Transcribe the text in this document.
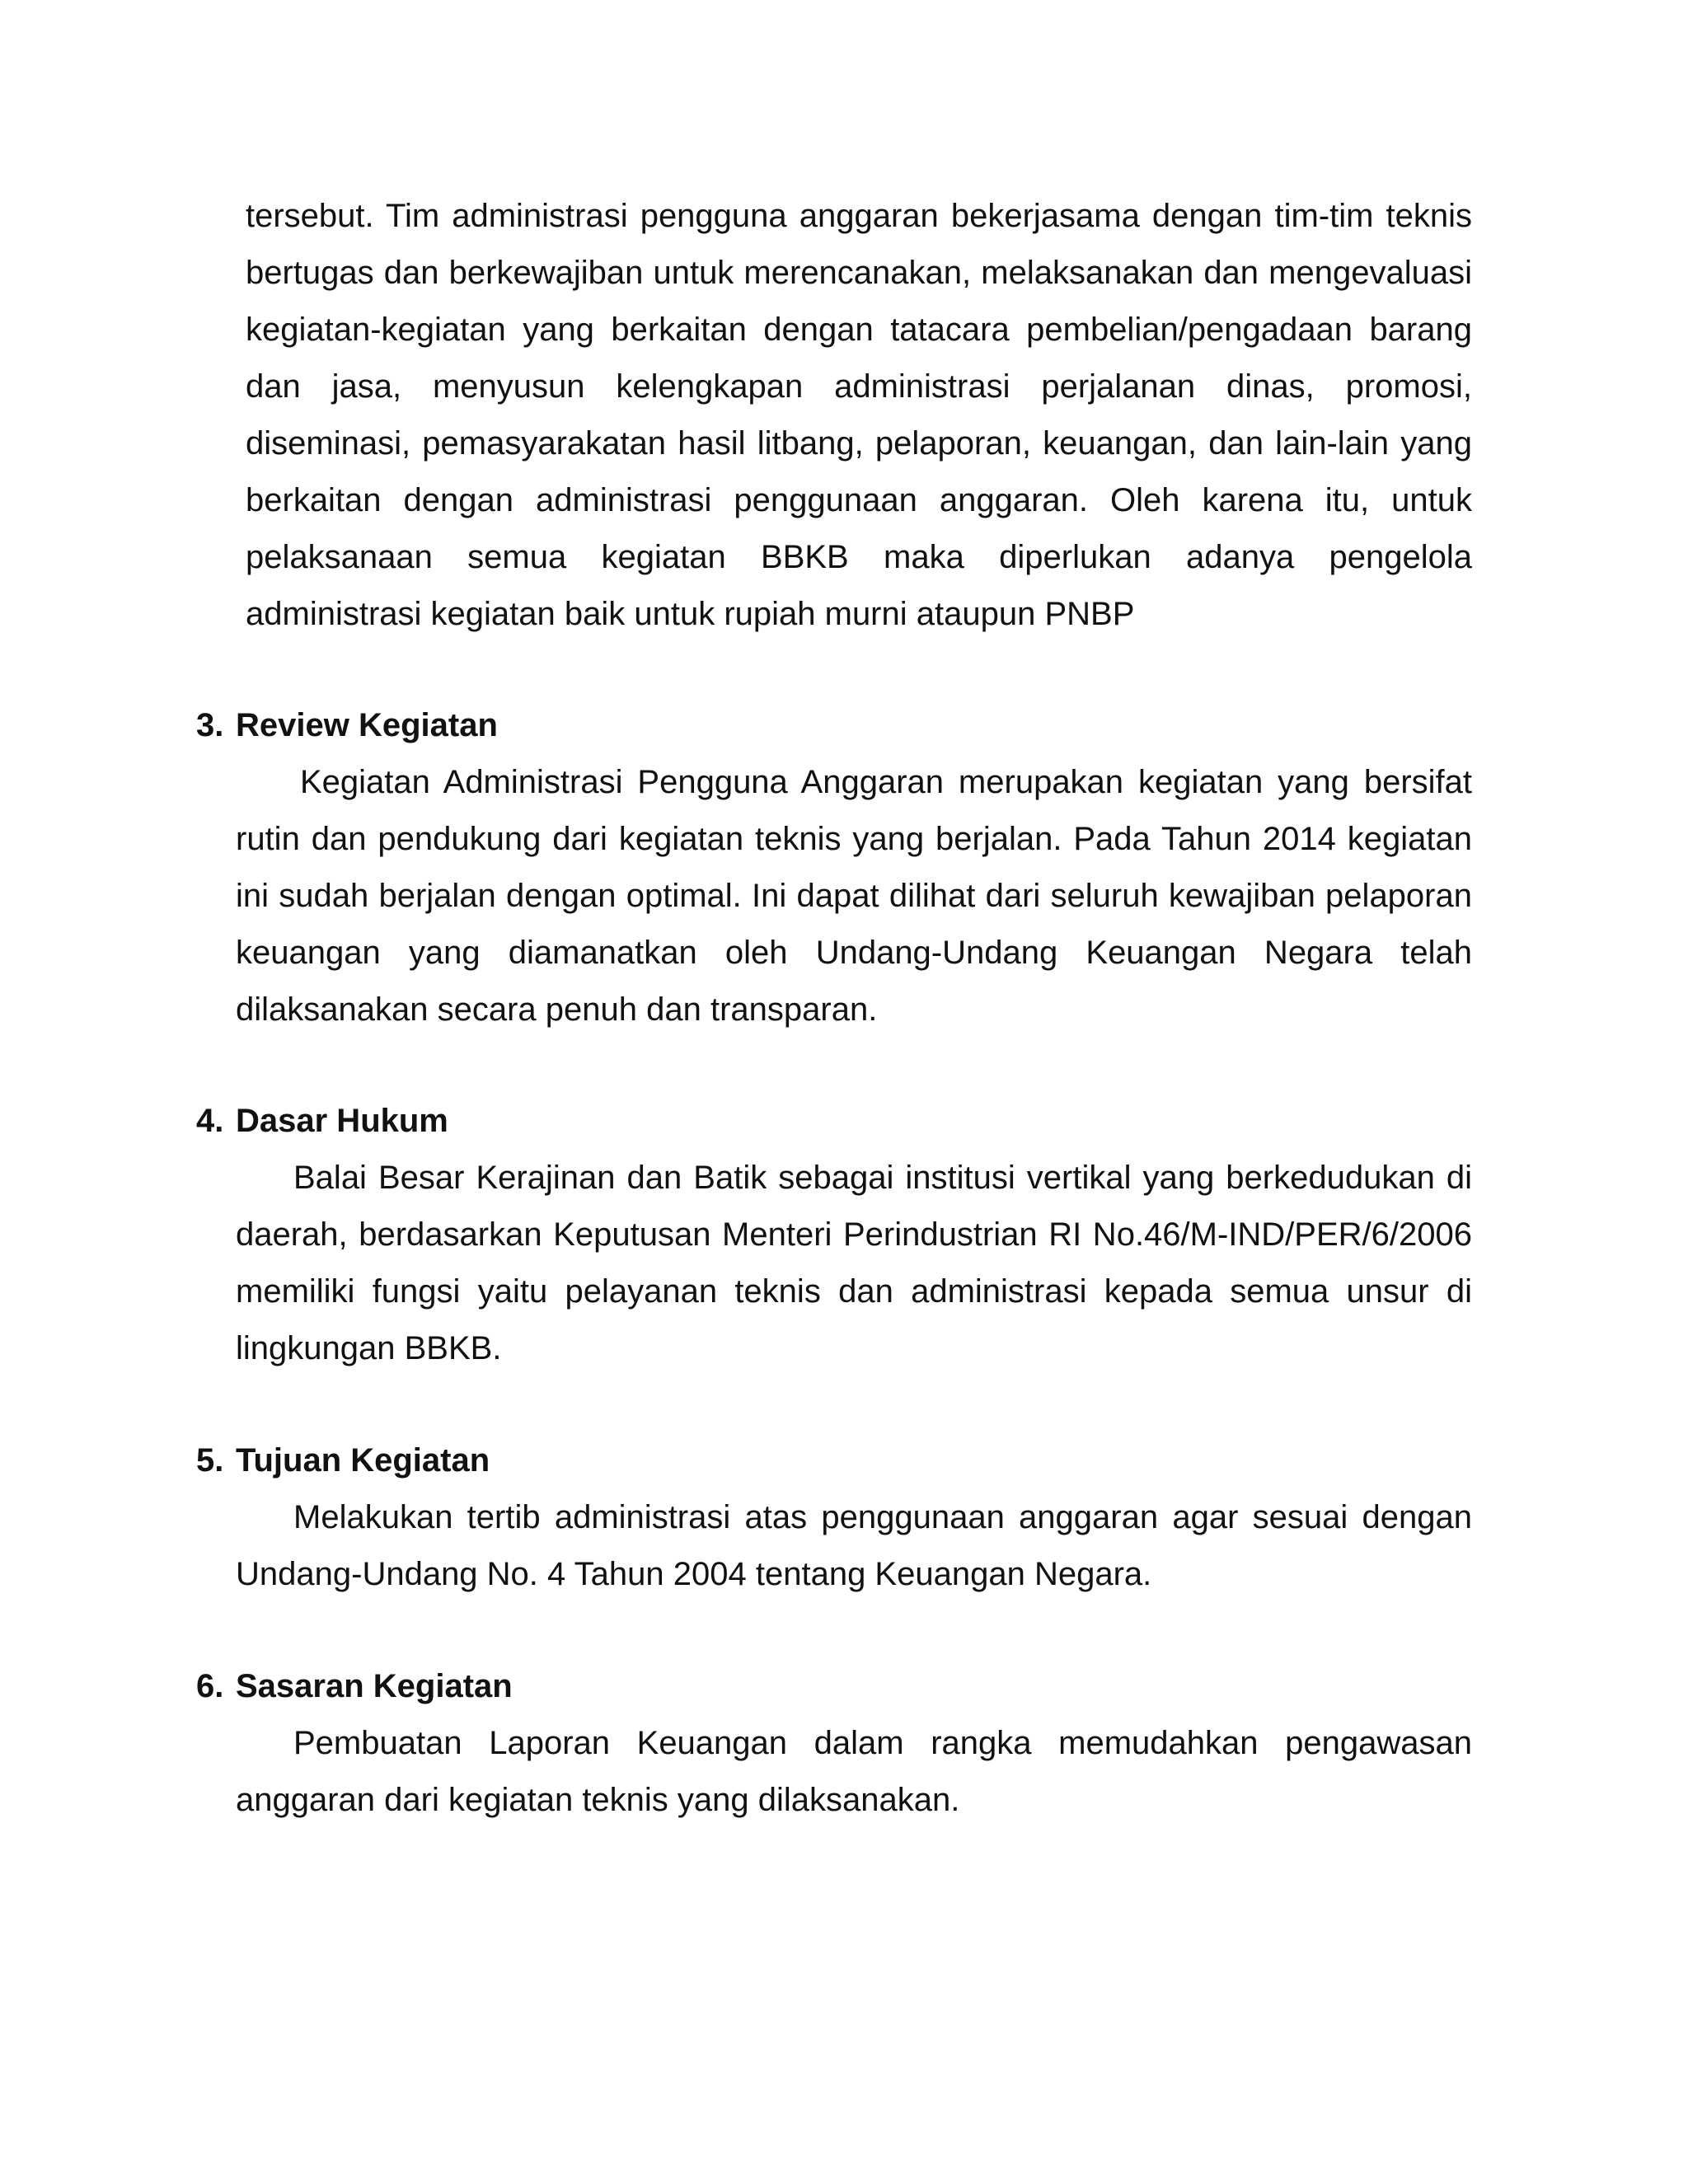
tersebut. Tim administrasi pengguna anggaran bekerjasama dengan tim-tim teknis bertugas dan berkewajiban untuk merencanakan, melaksanakan dan mengevaluasi kegiatan-kegiatan yang berkaitan dengan tatacara pembelian/pengadaan barang dan jasa, menyusun kelengkapan administrasi perjalanan dinas, promosi, diseminasi, pemasyarakatan hasil litbang, pelaporan, keuangan, dan lain-lain yang berkaitan dengan administrasi penggunaan anggaran. Oleh karena itu, untuk pelaksanaan semua kegiatan BBKB maka diperlukan adanya pengelola administrasi kegiatan baik untuk rupiah murni ataupun PNBP

3. Review Kegiatan

Kegiatan Administrasi Pengguna Anggaran merupakan kegiatan yang bersifat rutin dan pendukung dari kegiatan teknis yang berjalan. Pada Tahun 2014 kegiatan ini sudah berjalan dengan optimal. Ini dapat dilihat dari seluruh kewajiban pelaporan keuangan yang diamanatkan oleh Undang-Undang Keuangan Negara telah dilaksanakan secara penuh dan transparan.

4. Dasar Hukum

Balai Besar Kerajinan dan Batik sebagai institusi vertikal yang berkedudukan di daerah, berdasarkan Keputusan Menteri Perindustrian RI No.46/M-IND/PER/6/2006 memiliki fungsi yaitu pelayanan teknis dan administrasi kepada semua unsur di lingkungan BBKB.

5. Tujuan Kegiatan

Melakukan tertib administrasi atas penggunaan anggaran agar sesuai dengan Undang-Undang No. 4 Tahun 2004 tentang Keuangan Negara.

6. Sasaran Kegiatan

Pembuatan Laporan Keuangan dalam rangka memudahkan pengawasan anggaran dari kegiatan teknis yang dilaksanakan.
